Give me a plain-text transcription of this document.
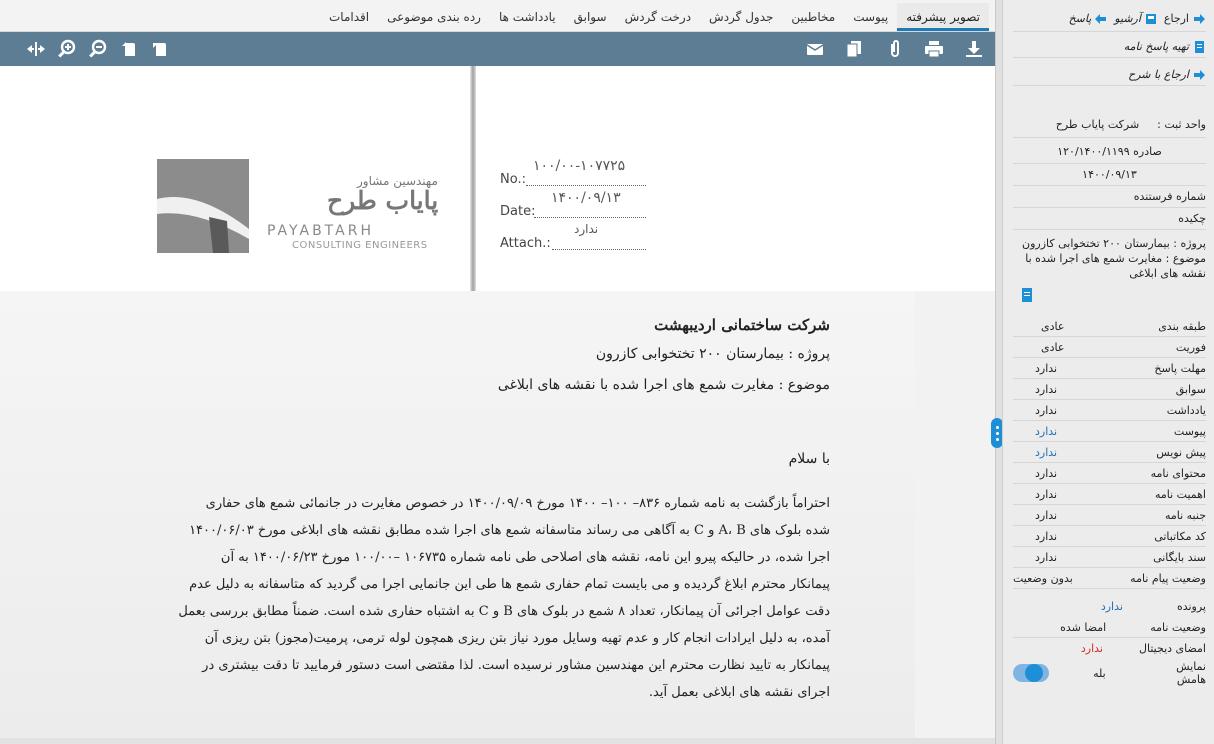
تصویر پیشرفته
پیوست
مخاطبین
جدول گردش
درخت گردش
سوابق
یادداشت ها
رده بندی موضوعی
اقدامات
مهندسین مشاور
پایاب طرح
PAYABTARH
CONSULTING ENGINEERS
No.:
۱۰۰/۰۰-۱۰۷۷۲۵
Date:
۱۴۰۰/۰۹/۱۳
Attach.:
ندارد
شرکت ساختمانی اردیبهشت
پروژه : بیمارستان ۲۰۰ تختخوابی کازرون
موضوع : مغایرت شمع های اجرا شده با نقشه های ابلاغی
با سلام
احتراماً بازگشت به نامه شماره ۸۳۶– ۱۰۰– ۱۴۰۰ مورخ ۱۴۰۰/۰۹/۰۹ در خصوص مغایرت در جانمائی شمع های حفاری
شده بلوک های A، B و C به آگاهی می رساند متاسفانه شمع های اجرا شده مطابق نقشه های ابلاغی مورخ ۱۴۰۰/۰۶/۰۳
اجرا شده، در حالیکه پیرو این نامه، نقشه های اصلاحی طی نامه شماره ۱۰۶۷۳۵ –۱۰۰/۰۰ مورخ ۱۴۰۰/۰۶/۲۳ به آن
پیمانکار محترم ابلاغ گردیده و می بایست تمام حفاری شمع ها طی این جانمایی اجرا می گردید که متاسفانه به دلیل عدم
دقت عوامل اجرائی آن پیمانکار، تعداد ۸ شمع در بلوک های B و C به اشتباه حفاری شده است. ضمناً مطابق بررسی بعمل
آمده، به دلیل ایرادات انجام کار و عدم تهیه وسایل مورد نیاز بتن ریزی همچون لوله ترمی، پرمیت(مجوز) بتن ریزی آن
پیمانکار به تایید نظارت محترم این مهندسین مشاور نرسیده است. لذا مقتضی است دستور فرمایید تا دقت بیشتری در
اجرای نقشه های ابلاغی بعمل آید.
ارجاع
آرشیو
پاسخ
تهیه پاسخ نامه
ارجاع با شرح
واحد ثبت :
شرکت پایاب طرح
صادره ۱۲۰/۱۴۰۰/۱۱۹۹
۱۴۰۰/۰۹/۱۳
شماره فرستنده
چکیده
پروژه : بیمارستان ۲۰۰ تختخوابی کازرون موضوع : مغایرت شمع های اجرا شده با نقشه های ابلاغی
طبقه بندی
عادی
فوریت
عادی
مهلت پاسخ
ندارد
سوابق
ندارد
یادداشت
ندارد
پیوست
ندارد
پیش نویس
ندارد
محتوای نامه
ندارد
اهمیت نامه
ندارد
جنبه نامه
ندارد
کد مکاتباتی
ندارد
سند بایگانی
ندارد
وضعیت پیام نامه
بدون وضعیت
پرونده
ندارد
وضعیت نامه
امضا شده
امضای دیجیتال
ندارد
نمایش هامش
بله
